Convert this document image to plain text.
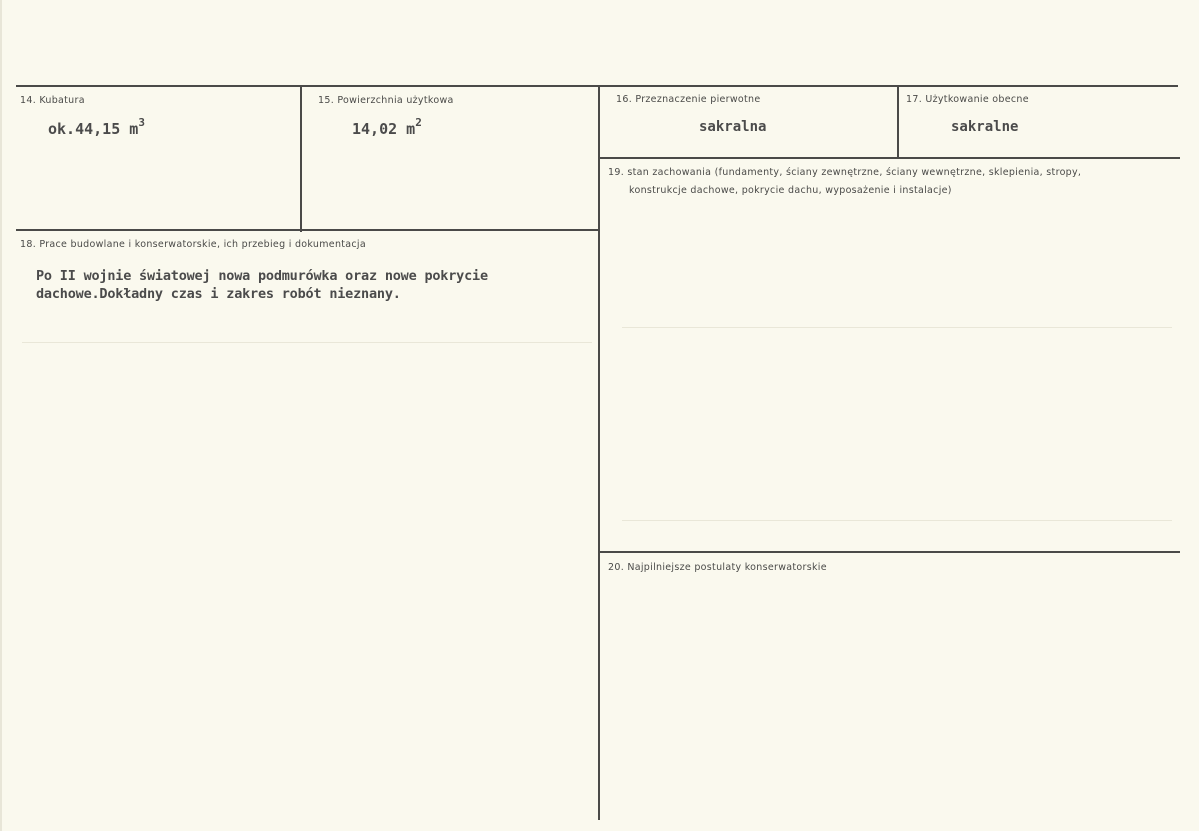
14. Kubatura
ok.44,15 $m^3$
15. Powierzchnia użytkowa
14,02 $m^2$
16. Przeznaczenie pierwotne
sakralna
17. Użytkowanie obecne
sakralne
18. Prace budowlane i konserwatorskie, ich przebieg i dokumentacja
Po II wojnie światowej nowa podmurówka oraz nowe pokrycie
dachowe.Dokładny czas i zakres robót nieznany.
19. stan zachowania (fundamenty, ściany zewnętrzne, ściany wewnętrzne, sklepienia, stropy,
konstrukcje dachowe, pokrycie dachu, wyposażenie i instalacje)
20. Najpilniejsze postulaty konserwatorskie
